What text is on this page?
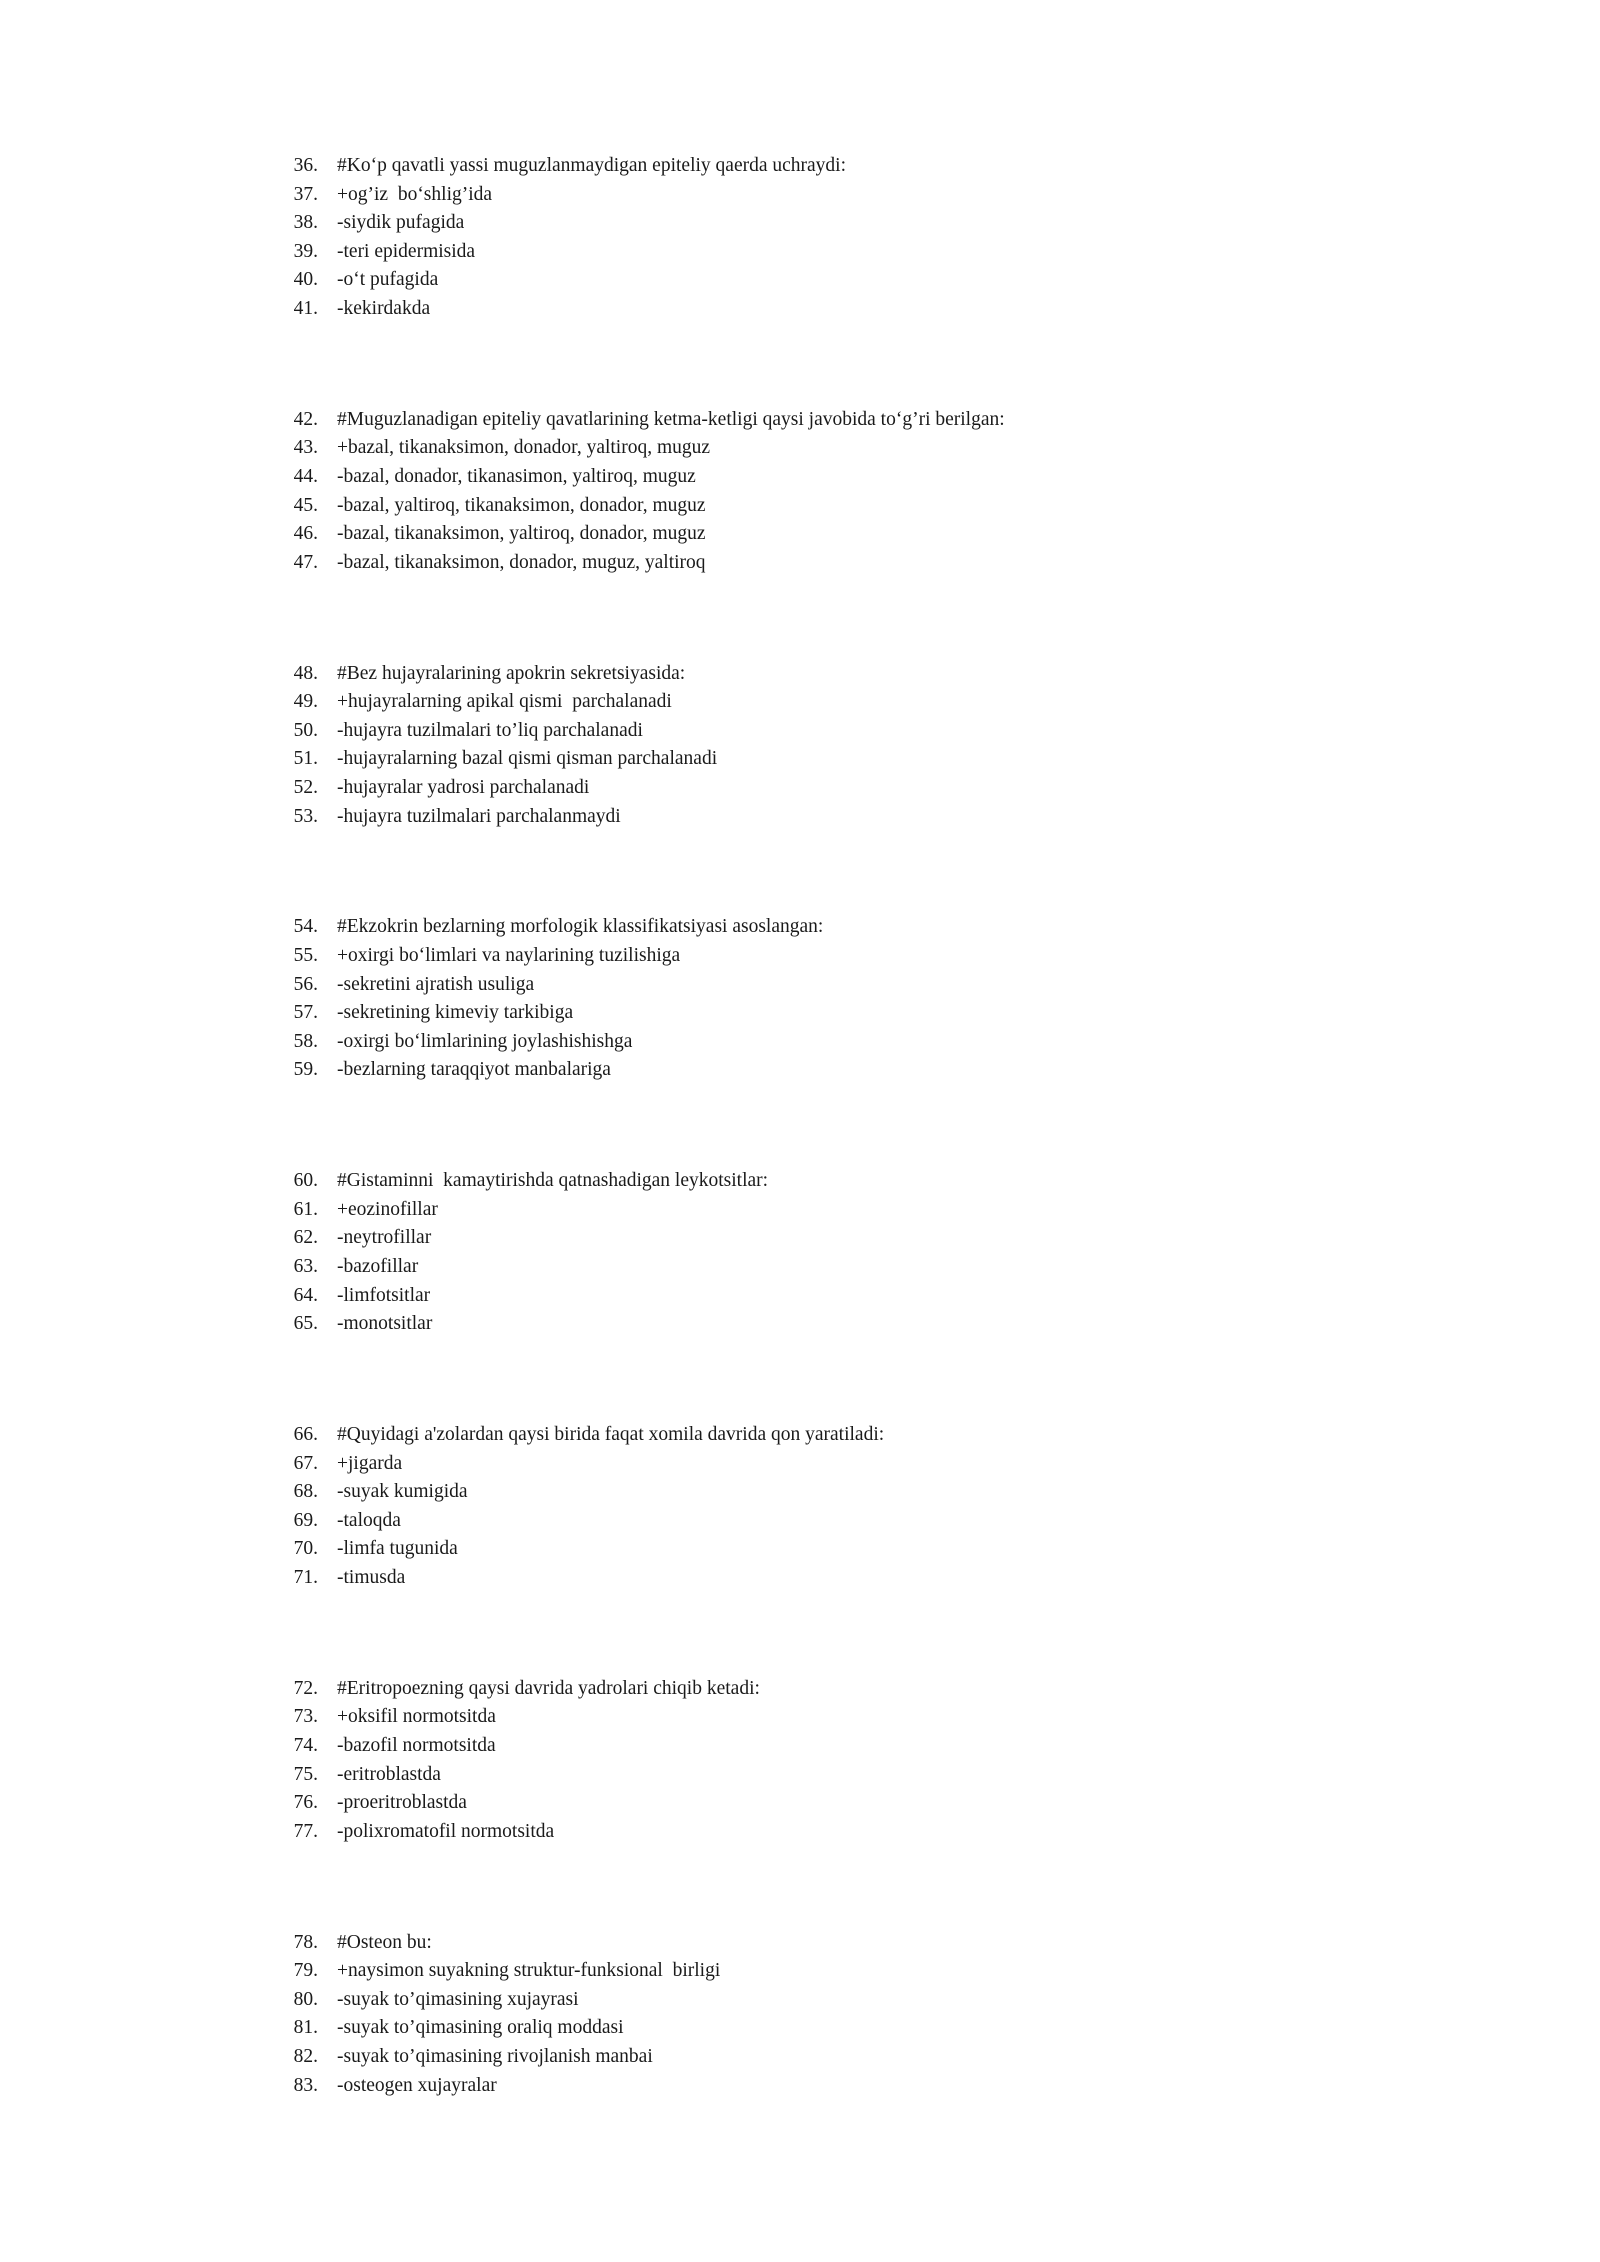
36. #Ko‘p qavatli yassi muguzlanmaydigan epiteliy qaerda uchraydi:
37. +og’iz  bo‘shlig’ida
38. -siydik pufagida
39. -teri epidermisida
40. -o‘t pufagida
41. -kekirdakda
42. #Muguzlanadigan epiteliy qavatlarining ketma-ketligi qaysi javobida to‘g’ri berilgan:
43. +bazal, tikanaksimon, donador, yaltiroq, muguz
44. -bazal, donador, tikanasimon, yaltiroq, muguz
45. -bazal, yaltiroq, tikanaksimon, donador, muguz
46. -bazal, tikanaksimon, yaltiroq, donador, muguz
47. -bazal, tikanaksimon, donador, muguz, yaltiroq
48. #Bez hujayralarining apokrin sekretsiyasida:
49. +hujayralarning apikal qismi  parchalanadi
50. -hujayra tuzilmalari to’liq parchalanadi
51. -hujayralarning bazal qismi qisman parchalanadi
52. -hujayralar yadrosi parchalanadi
53. -hujayra tuzilmalari parchalanmaydi
54. #Ekzokrin bezlarning morfologik klassifikatsiyasi asoslangan:
55. +oxirgi bo‘limlari va naylarining tuzilishiga
56. -sekretini ajratish usuliga
57. -sekretining kimeviy tarkibiga
58. -oxirgi bo‘limlarining joylashishishga
59. -bezlarning taraqqiyot manbalariga
60. #Gistaminni  kamaytirishda qatnashadigan leykotsitlar:
61. +eozinofillar
62. -neytrofillar
63. -bazofillar
64. -limfotsitlar
65. -monotsitlar
66. #Quyidagi a'zolardan qaysi birida faqat xomila davrida qon yaratiladi:
67. +jigarda
68. -suyak kumigida
69. -taloqda
70. -limfa tugunida
71. -timusda
72. #Eritropoezning qaysi davrida yadrolari chiqib ketadi:
73. +oksifil normotsitda
74. -bazofil normotsitda
75. -eritroblastda
76. -proeritroblastda
77. -polixromatofil normotsitda
78. #Osteon bu:
79. +naysimon suyakning struktur-funksional  birligi
80. -suyak to’qimasining xujayrasi
81. -suyak to’qimasining oraliq moddasi
82. -suyak to’qimasining rivojlanish manbai
83. -osteogen xujayralar
